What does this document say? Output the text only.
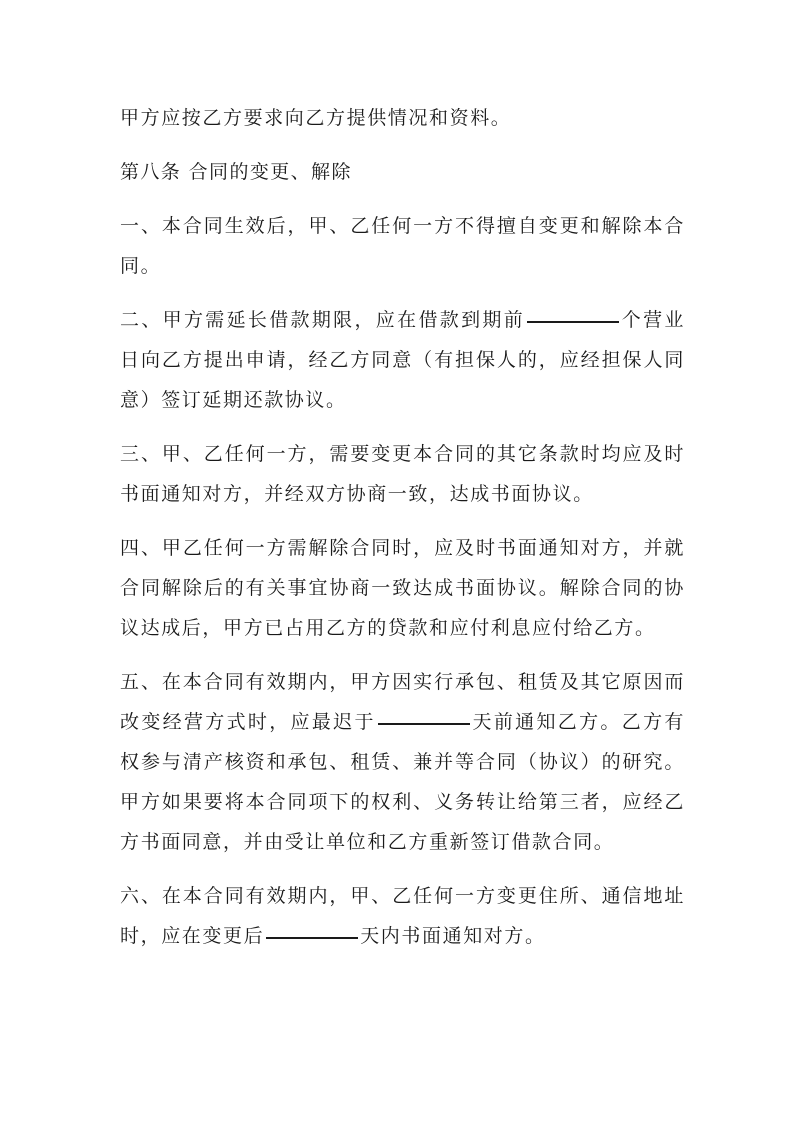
甲方应按乙方要求向乙方提供情况和资料。

第八条 合同的变更、解除

一、本合同生效后，甲、乙任何一方不得擅自变更和解除本合同。

二、甲方需延长借款期限，应在借款到期前	个营业日向乙方提出申请，经乙方同意（有担保人的，应经担保人同意）签订延期还款协议。

三、甲、乙任何一方，需要变更本合同的其它条款时均应及时书面通知对方，并经双方协商一致，达成书面协议。

四、甲乙任何一方需解除合同时，应及时书面通知对方，并就合同解除后的有关事宜协商一致达成书面协议。解除合同的协议达成后，甲方已占用乙方的贷款和应付利息应付给乙方。

五、在本合同有效期内，甲方因实行承包、租赁及其它原因而改变经营方式时，应最迟于	天前通知乙方。乙方有权参与清产核资和承包、租赁、兼并等合同（协议）的研究。甲方如果要将本合同项下的权利、义务转让给第三者，应经乙方书面同意，并由受让单位和乙方重新签订借款合同。

六、在本合同有效期内，甲、乙任何一方变更住所、通信地址时，应在变更后	天内书面通知对方。
